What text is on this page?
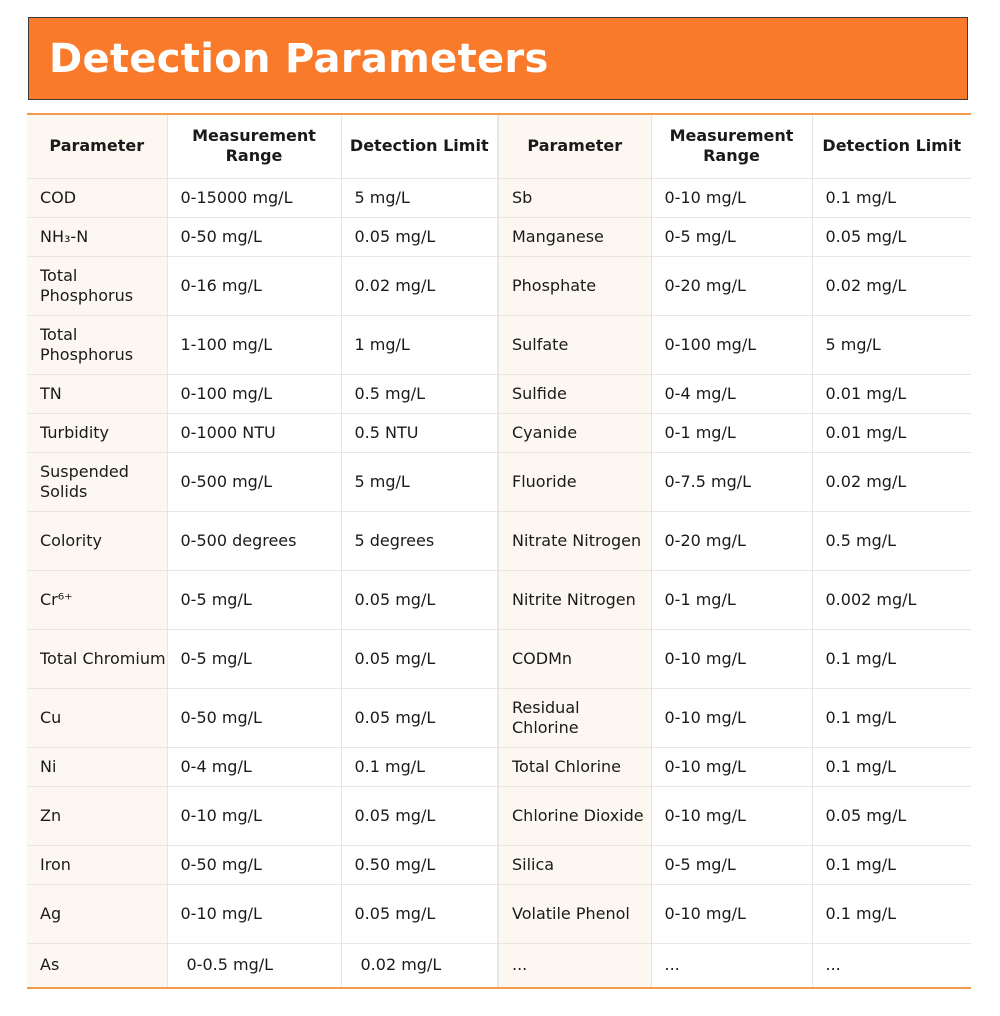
Detection Parameters
Parameter	Measurement Range	Detection Limit	Parameter	Measurement Range	Detection Limit
COD	0-15000 mg/L	5 mg/L	Sb	0-10 mg/L	0.1 mg/L
NH₃-N	0-50 mg/L	0.05 mg/L	Manganese	0-5 mg/L	0.05 mg/L
Total Phosphorus	0-16 mg/L	0.02 mg/L	Phosphate	0-20 mg/L	0.02 mg/L
Total Phosphorus	1-100 mg/L	1 mg/L	Sulfate	0-100 mg/L	5 mg/L
TN	0-100 mg/L	0.5 mg/L	Sulfide	0-4 mg/L	0.01 mg/L
Turbidity	0-1000 NTU	0.5 NTU	Cyanide	0-1 mg/L	0.01 mg/L
Suspended Solids	0-500 mg/L	5 mg/L	Fluoride	0-7.5 mg/L	0.02 mg/L
Colority	0-500 degrees	5 degrees	Nitrate Nitrogen	0-20 mg/L	0.5 mg/L
Cr⁶⁺	0-5 mg/L	0.05 mg/L	Nitrite Nitrogen	0-1 mg/L	0.002 mg/L
Total Chromium	0-5 mg/L	0.05 mg/L	CODMn	0-10 mg/L	0.1 mg/L
Cu	0-50 mg/L	0.05 mg/L	Residual Chlorine	0-10 mg/L	0.1 mg/L
Ni	0-4 mg/L	0.1 mg/L	Total Chlorine	0-10 mg/L	0.1 mg/L
Zn	0-10 mg/L	0.05 mg/L	Chlorine Dioxide	0-10 mg/L	0.05 mg/L
Iron	0-50 mg/L	0.50 mg/L	Silica	0-5 mg/L	0.1 mg/L
Ag	0-10 mg/L	0.05 mg/L	Volatile Phenol	0-10 mg/L	0.1 mg/L
As	0-0.5 mg/L	0.02 mg/L	...	...	...
